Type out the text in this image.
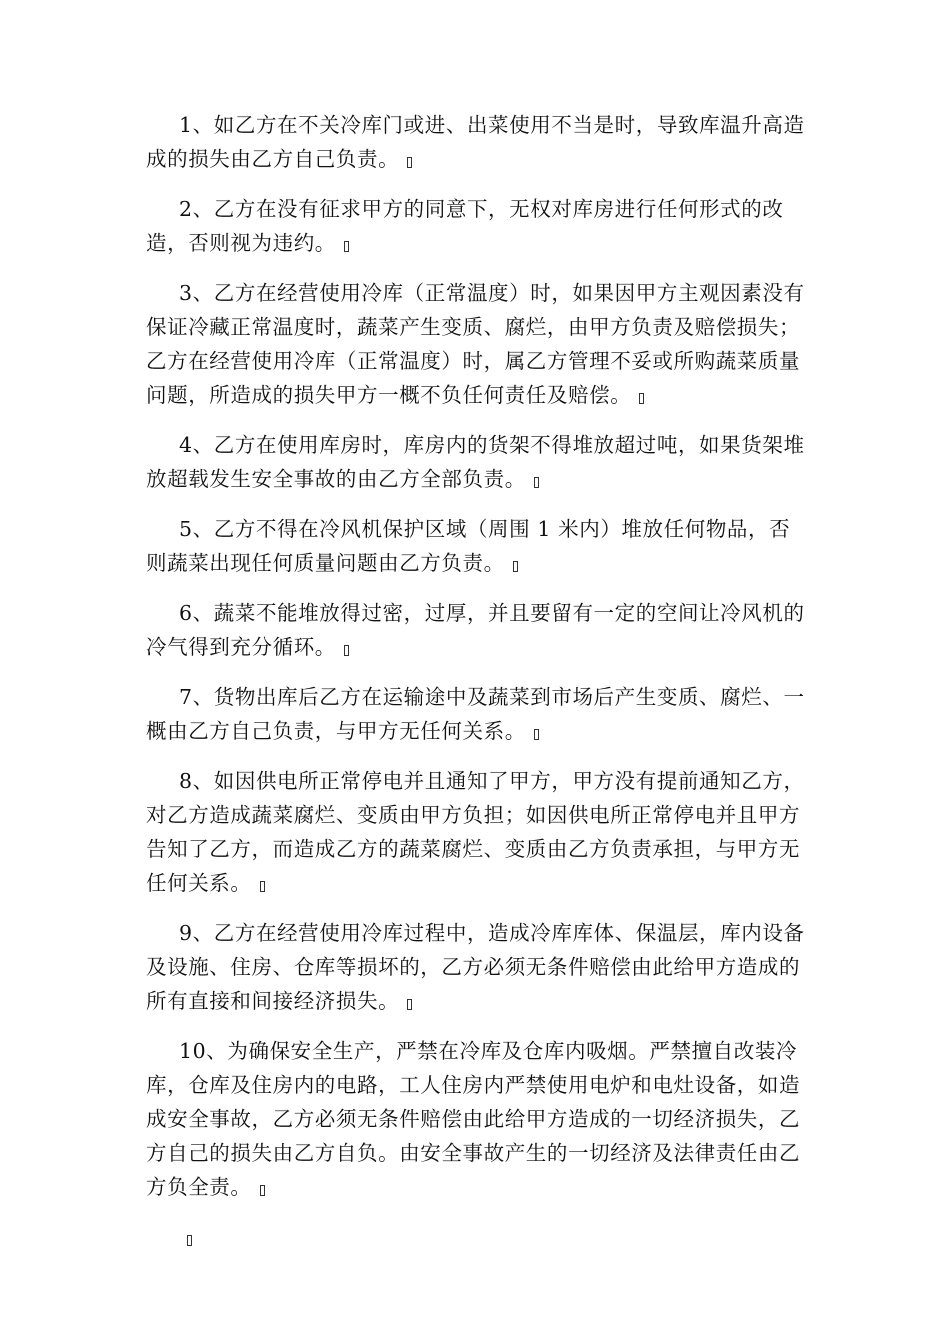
1、如乙方在不关冷库门或进、出菜使用不当是时，导致库温升高造成的损失由乙方自己负责。

2、乙方在没有征求甲方的同意下，无权对库房进行任何形式的改造，否则视为违约。

3、乙方在经营使用冷库（正常温度）时，如果因甲方主观因素没有保证冷藏正常温度时，蔬菜产生变质、腐烂，由甲方负责及赔偿损失；乙方在经营使用冷库（正常温度）时，属乙方管理不妥或所购蔬菜质量问题，所造成的损失甲方一概不负任何责任及赔偿。

4、乙方在使用库房时，库房内的货架不得堆放超过吨，如果货架堆放超载发生安全事故的由乙方全部负责。

5、乙方不得在冷风机保护区域（周围 1 米内）堆放任何物品，否则蔬菜出现任何质量问题由乙方负责。

6、蔬菜不能堆放得过密，过厚，并且要留有一定的空间让冷风机的冷气得到充分循环。

7、货物出库后乙方在运输途中及蔬菜到市场后产生变质、腐烂、一概由乙方自己负责，与甲方无任何关系。

8、如因供电所正常停电并且通知了甲方，甲方没有提前通知乙方，对乙方造成蔬菜腐烂、变质由甲方负担；如因供电所正常停电并且甲方告知了乙方，而造成乙方的蔬菜腐烂、变质由乙方负责承担，与甲方无任何关系。

9、乙方在经营使用冷库过程中，造成冷库库体、保温层，库内设备及设施、住房、仓库等损坏的，乙方必须无条件赔偿由此给甲方造成的所有直接和间接经济损失。

10、为确保安全生产，严禁在冷库及仓库内吸烟。严禁擅自改装冷库，仓库及住房内的电路，工人住房内严禁使用电炉和电灶设备，如造成安全事故，乙方必须无条件赔偿由此给甲方造成的一切经济损失，乙方自己的损失由乙方自负。由安全事故产生的一切经济及法律责任由乙方负全责。
